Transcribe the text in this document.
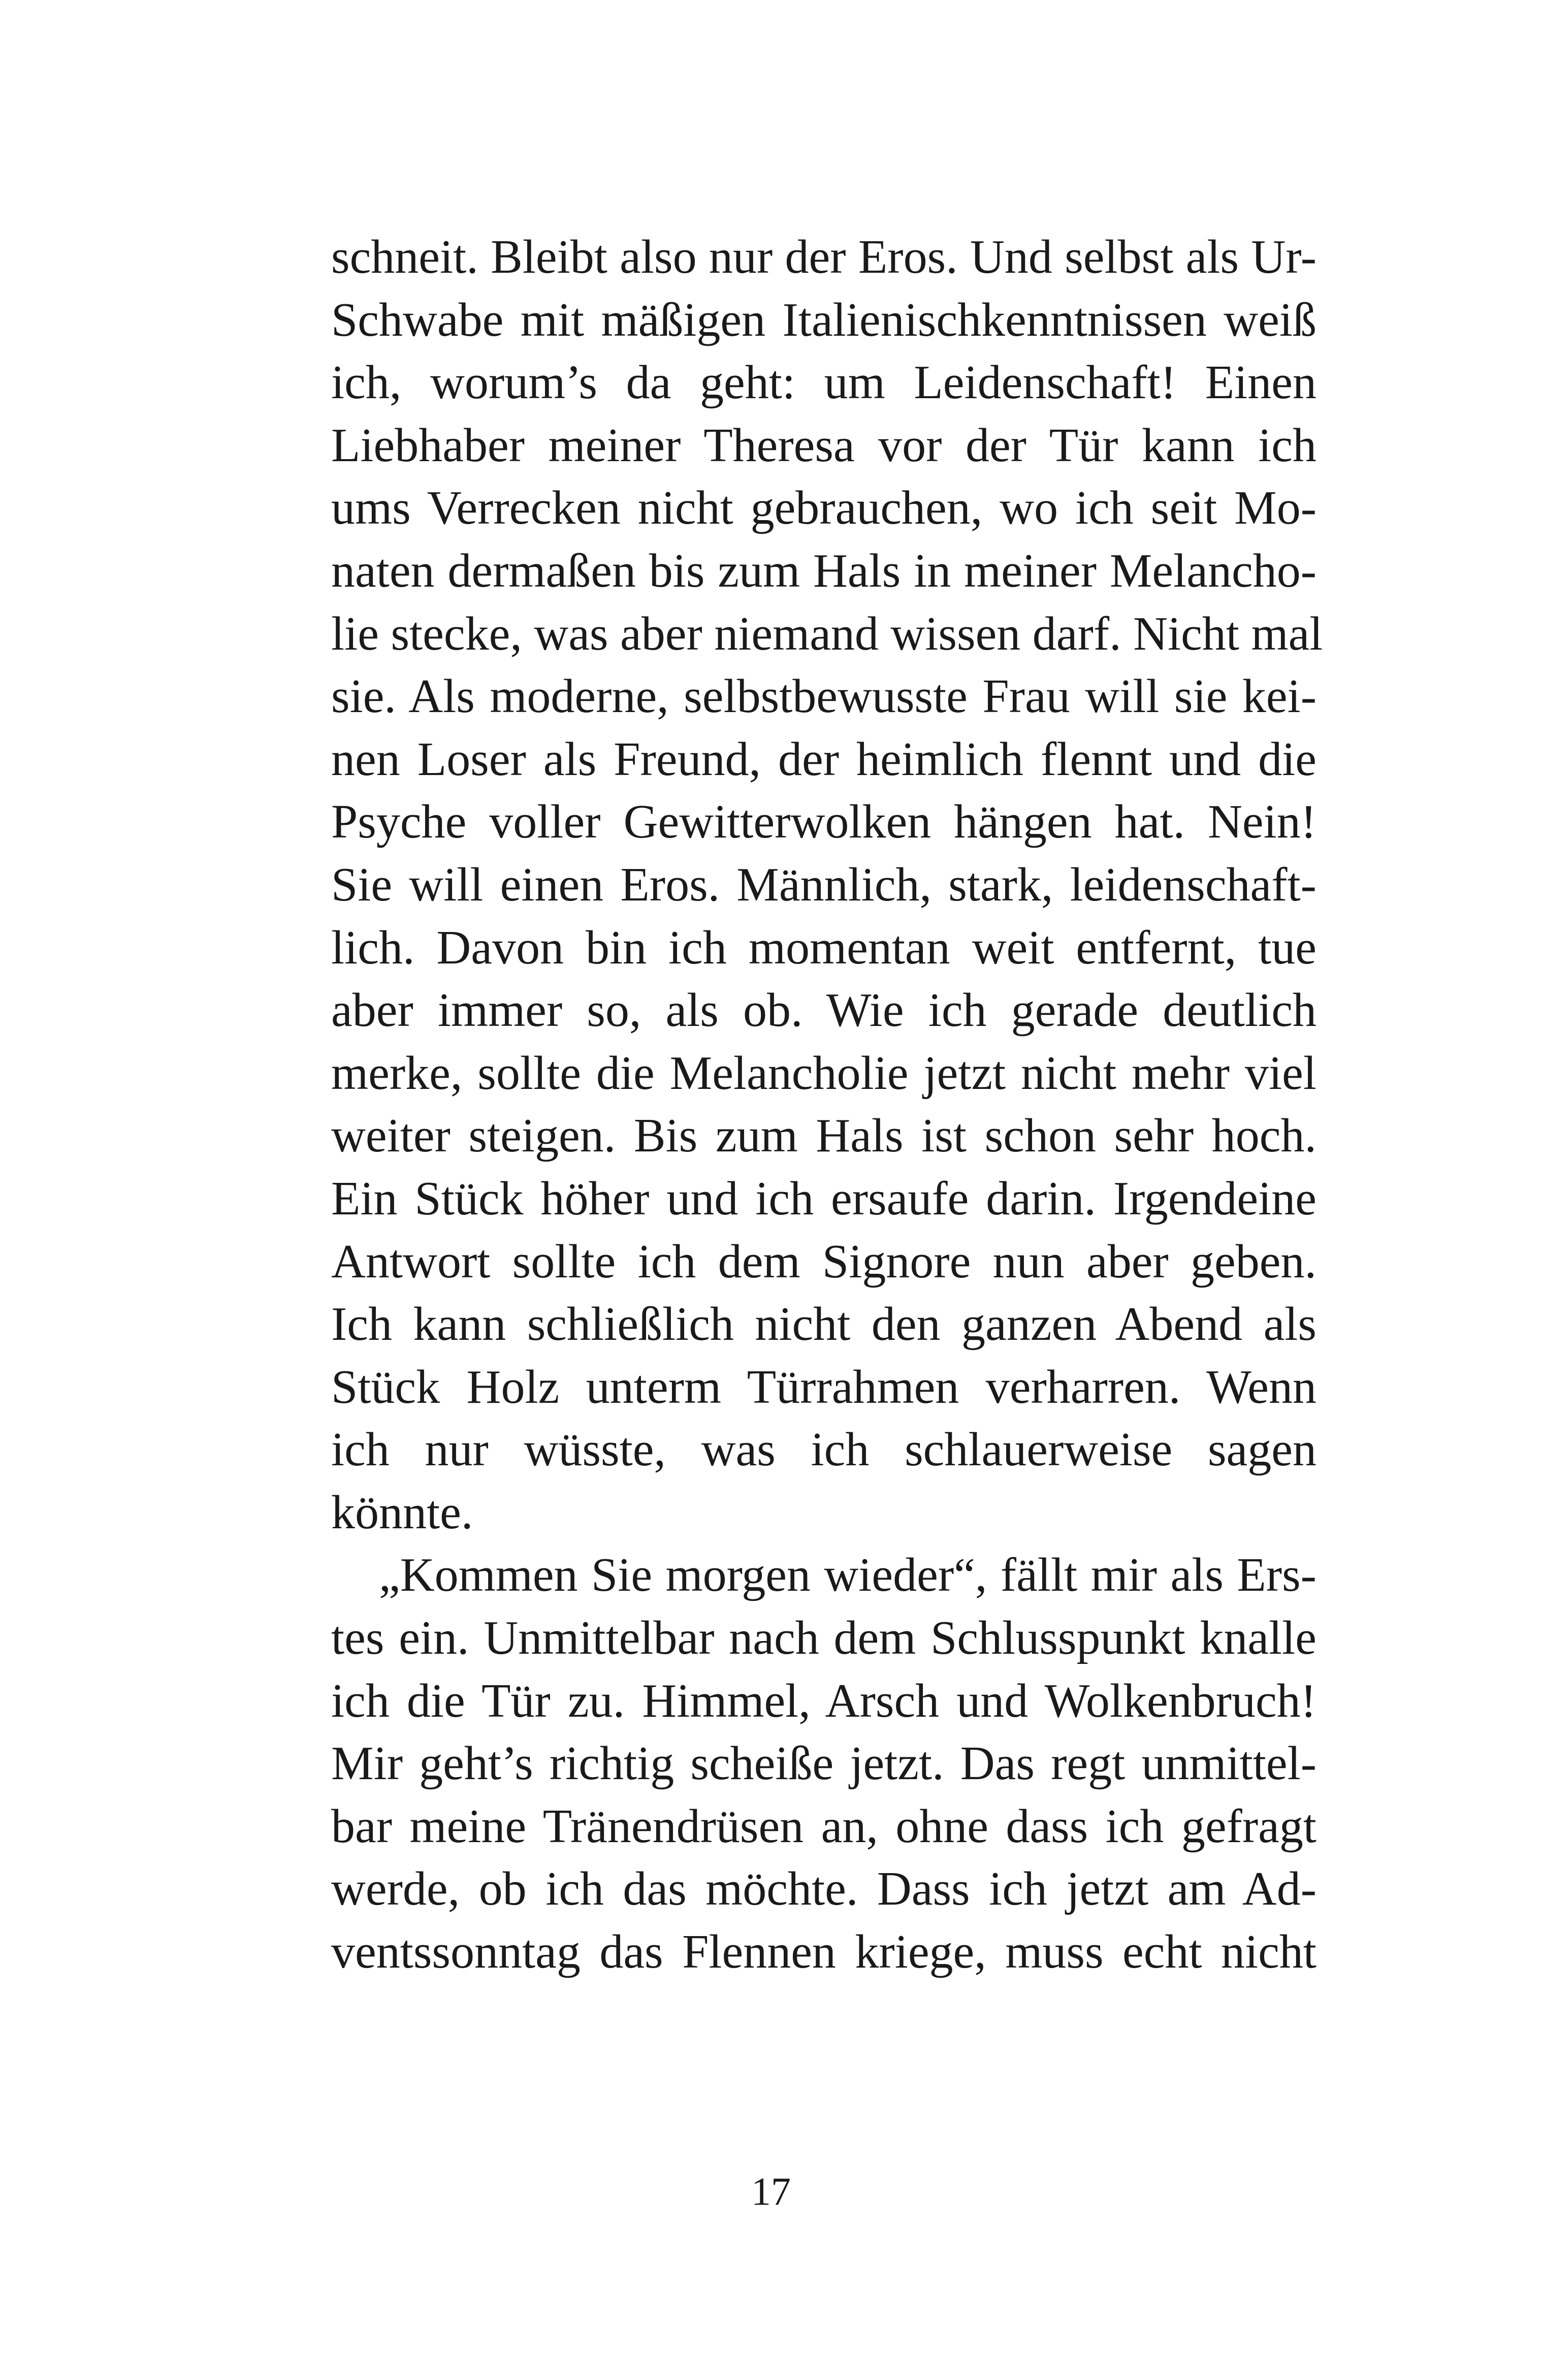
schneit. Bleibt also nur der Eros. Und selbst als Ur-
Schwabe mit mäßigen Italienischkenntnissen weiß
ich, worum’s da geht: um Leidenschaft! Einen
Liebhaber meiner Theresa vor der Tür kann ich
ums Verrecken nicht gebrauchen, wo ich seit Mo-
naten dermaßen bis zum Hals in meiner Melancho-
lie stecke, was aber niemand wissen darf. Nicht mal
sie. Als moderne, selbstbewusste Frau will sie kei-
nen Loser als Freund, der heimlich flennt und die
Psyche voller Gewitterwolken hängen hat. Nein!
Sie will einen Eros. Männlich, stark, leidenschaft-
lich. Davon bin ich momentan weit entfernt, tue
aber immer so, als ob. Wie ich gerade deutlich
merke, sollte die Melancholie jetzt nicht mehr viel
weiter steigen. Bis zum Hals ist schon sehr hoch.
Ein Stück höher und ich ersaufe darin. Irgendeine
Antwort sollte ich dem Signore nun aber geben.
Ich kann schließlich nicht den ganzen Abend als
Stück Holz unterm Türrahmen verharren. Wenn
ich nur wüsste, was ich schlauerweise sagen
könnte.
„Kommen Sie morgen wieder“, fällt mir als Ers-
tes ein. Unmittelbar nach dem Schlusspunkt knalle
ich die Tür zu. Himmel, Arsch und Wolkenbruch!
Mir geht’s richtig scheiße jetzt. Das regt unmittel-
bar meine Tränendrüsen an, ohne dass ich gefragt
werde, ob ich das möchte. Dass ich jetzt am Ad-
ventssonntag das Flennen kriege, muss echt nicht
17
